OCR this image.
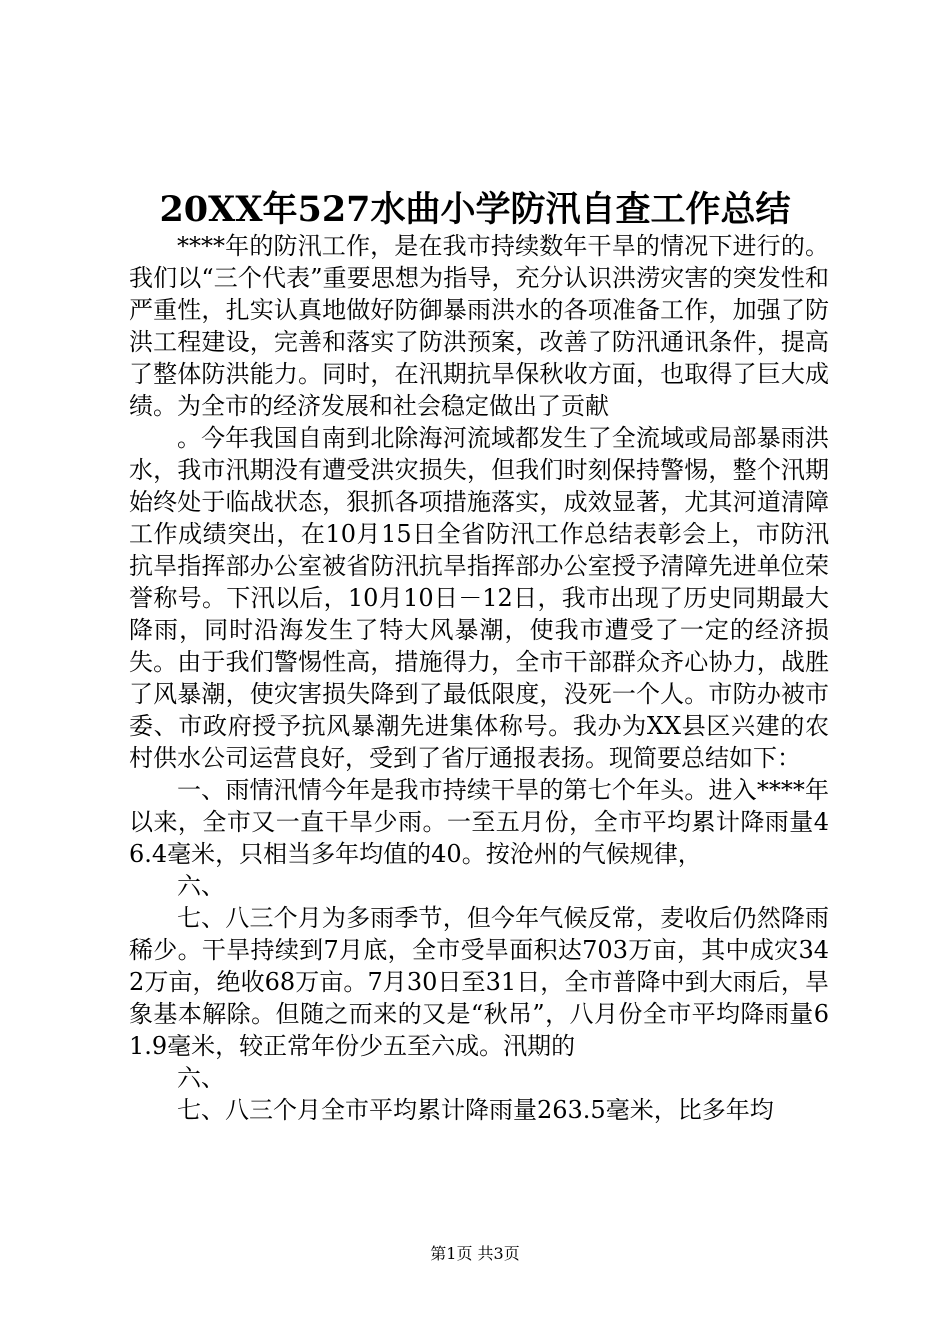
20XX年527水曲小学防汛自查工作总结

****年的防汛工作，是在我市持续数年干旱的情况下进行的。我们以“三个代表”重要思想为指导，充分认识洪涝灾害的突发性和严重性，扎实认真地做好防御暴雨洪水的各项准备工作，加强了防洪工程建设，完善和落实了防洪预案，改善了防汛通讯条件，提高了整体防洪能力。同时，在汛期抗旱保秋收方面，也取得了巨大成绩。为全市的经济发展和社会稳定做出了贡献

。今年我国自南到北除海河流域都发生了全流域或局部暴雨洪水，我市汛期没有遭受洪灾损失，但我们时刻保持警惕，整个汛期始终处于临战状态，狠抓各项措施落实，成效显著，尤其河道清障工作成绩突出，在10月15日全省防汛工作总结表彰会上，市防汛抗旱指挥部办公室被省防汛抗旱指挥部办公室授予清障先进单位荣誉称号。下汛以后，10月10日－12日，我市出现了历史同期最大降雨，同时沿海发生了特大风暴潮，使我市遭受了一定的经济损失。由于我们警惕性高，措施得力，全市干部群众齐心协力，战胜了风暴潮，使灾害损失降到了最低限度，没死一个人。市防办被市委、市政府授予抗风暴潮先进集体称号。我办为XX县区兴建的农村供水公司运营良好，受到了省厅通报表扬。现简要总结如下：

一、雨情汛情今年是我市持续干旱的第七个年头。进入****年以来，全市又一直干旱少雨。一至五月份，全市平均累计降雨量46.4毫米，只相当多年均值的40。按沧州的气候规律，

六、

七、八三个月为多雨季节，但今年气候反常，麦收后仍然降雨稀少。干旱持续到7月底，全市受旱面积达703万亩，其中成灾342万亩，绝收68万亩。7月30日至31日，全市普降中到大雨后，旱象基本解除。但随之而来的又是“秋吊”，八月份全市平均降雨量61.9毫米，较正常年份少五至六成。汛期的

六、

七、八三个月全市平均累计降雨量263.5毫米，比多年均

第1页 共3页
